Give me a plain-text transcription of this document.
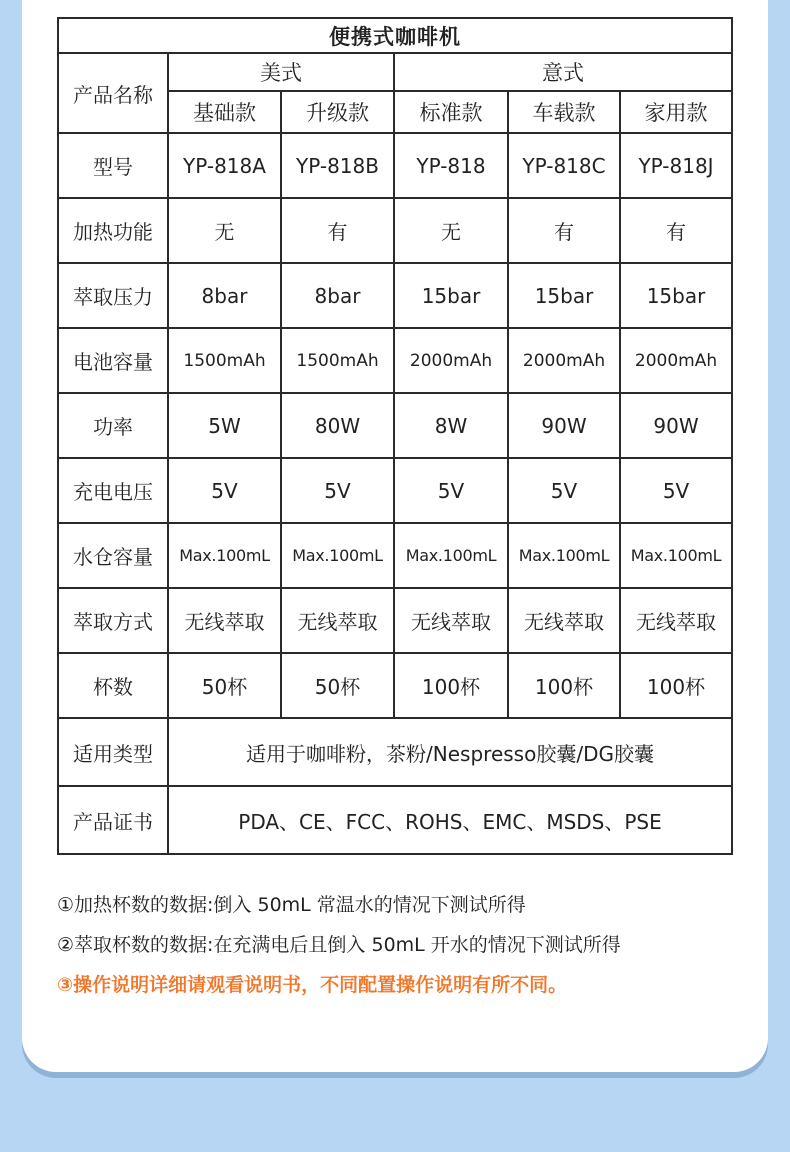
便携式咖啡机					
产品名称	美式		意式		
	基础款	升级款	标准款	车载款	家用款
型号	YP-818A	YP-818B	YP-818	YP-818C	YP-818J
加热功能	无	有	无	有	有
萃取压力	8bar	8bar	15bar	15bar	15bar
电池容量	1500mAh	1500mAh	2000mAh	2000mAh	2000mAh
功率	5W	80W	8W	90W	90W
充电电压	5V	5V	5V	5V	5V
水仓容量	Max.100mL	Max.100mL	Max.100mL	Max.100mL	Max.100mL
萃取方式	无线萃取	无线萃取	无线萃取	无线萃取	无线萃取
杯数	50杯	50杯	100杯	100杯	100杯
适用类型	适用于咖啡粉，茶粉/Nespresso胶囊/DG胶囊				
产品证书	PDA、CE、FCC、ROHS、EMC、MSDS、PSE				
①加热杯数的数据:倒入 50mL 常温水的情况下测试所得
②萃取杯数的数据:在充满电后且倒入 50mL 开水的情况下测试所得
③操作说明详细请观看说明书，不同配置操作说明有所不同。
